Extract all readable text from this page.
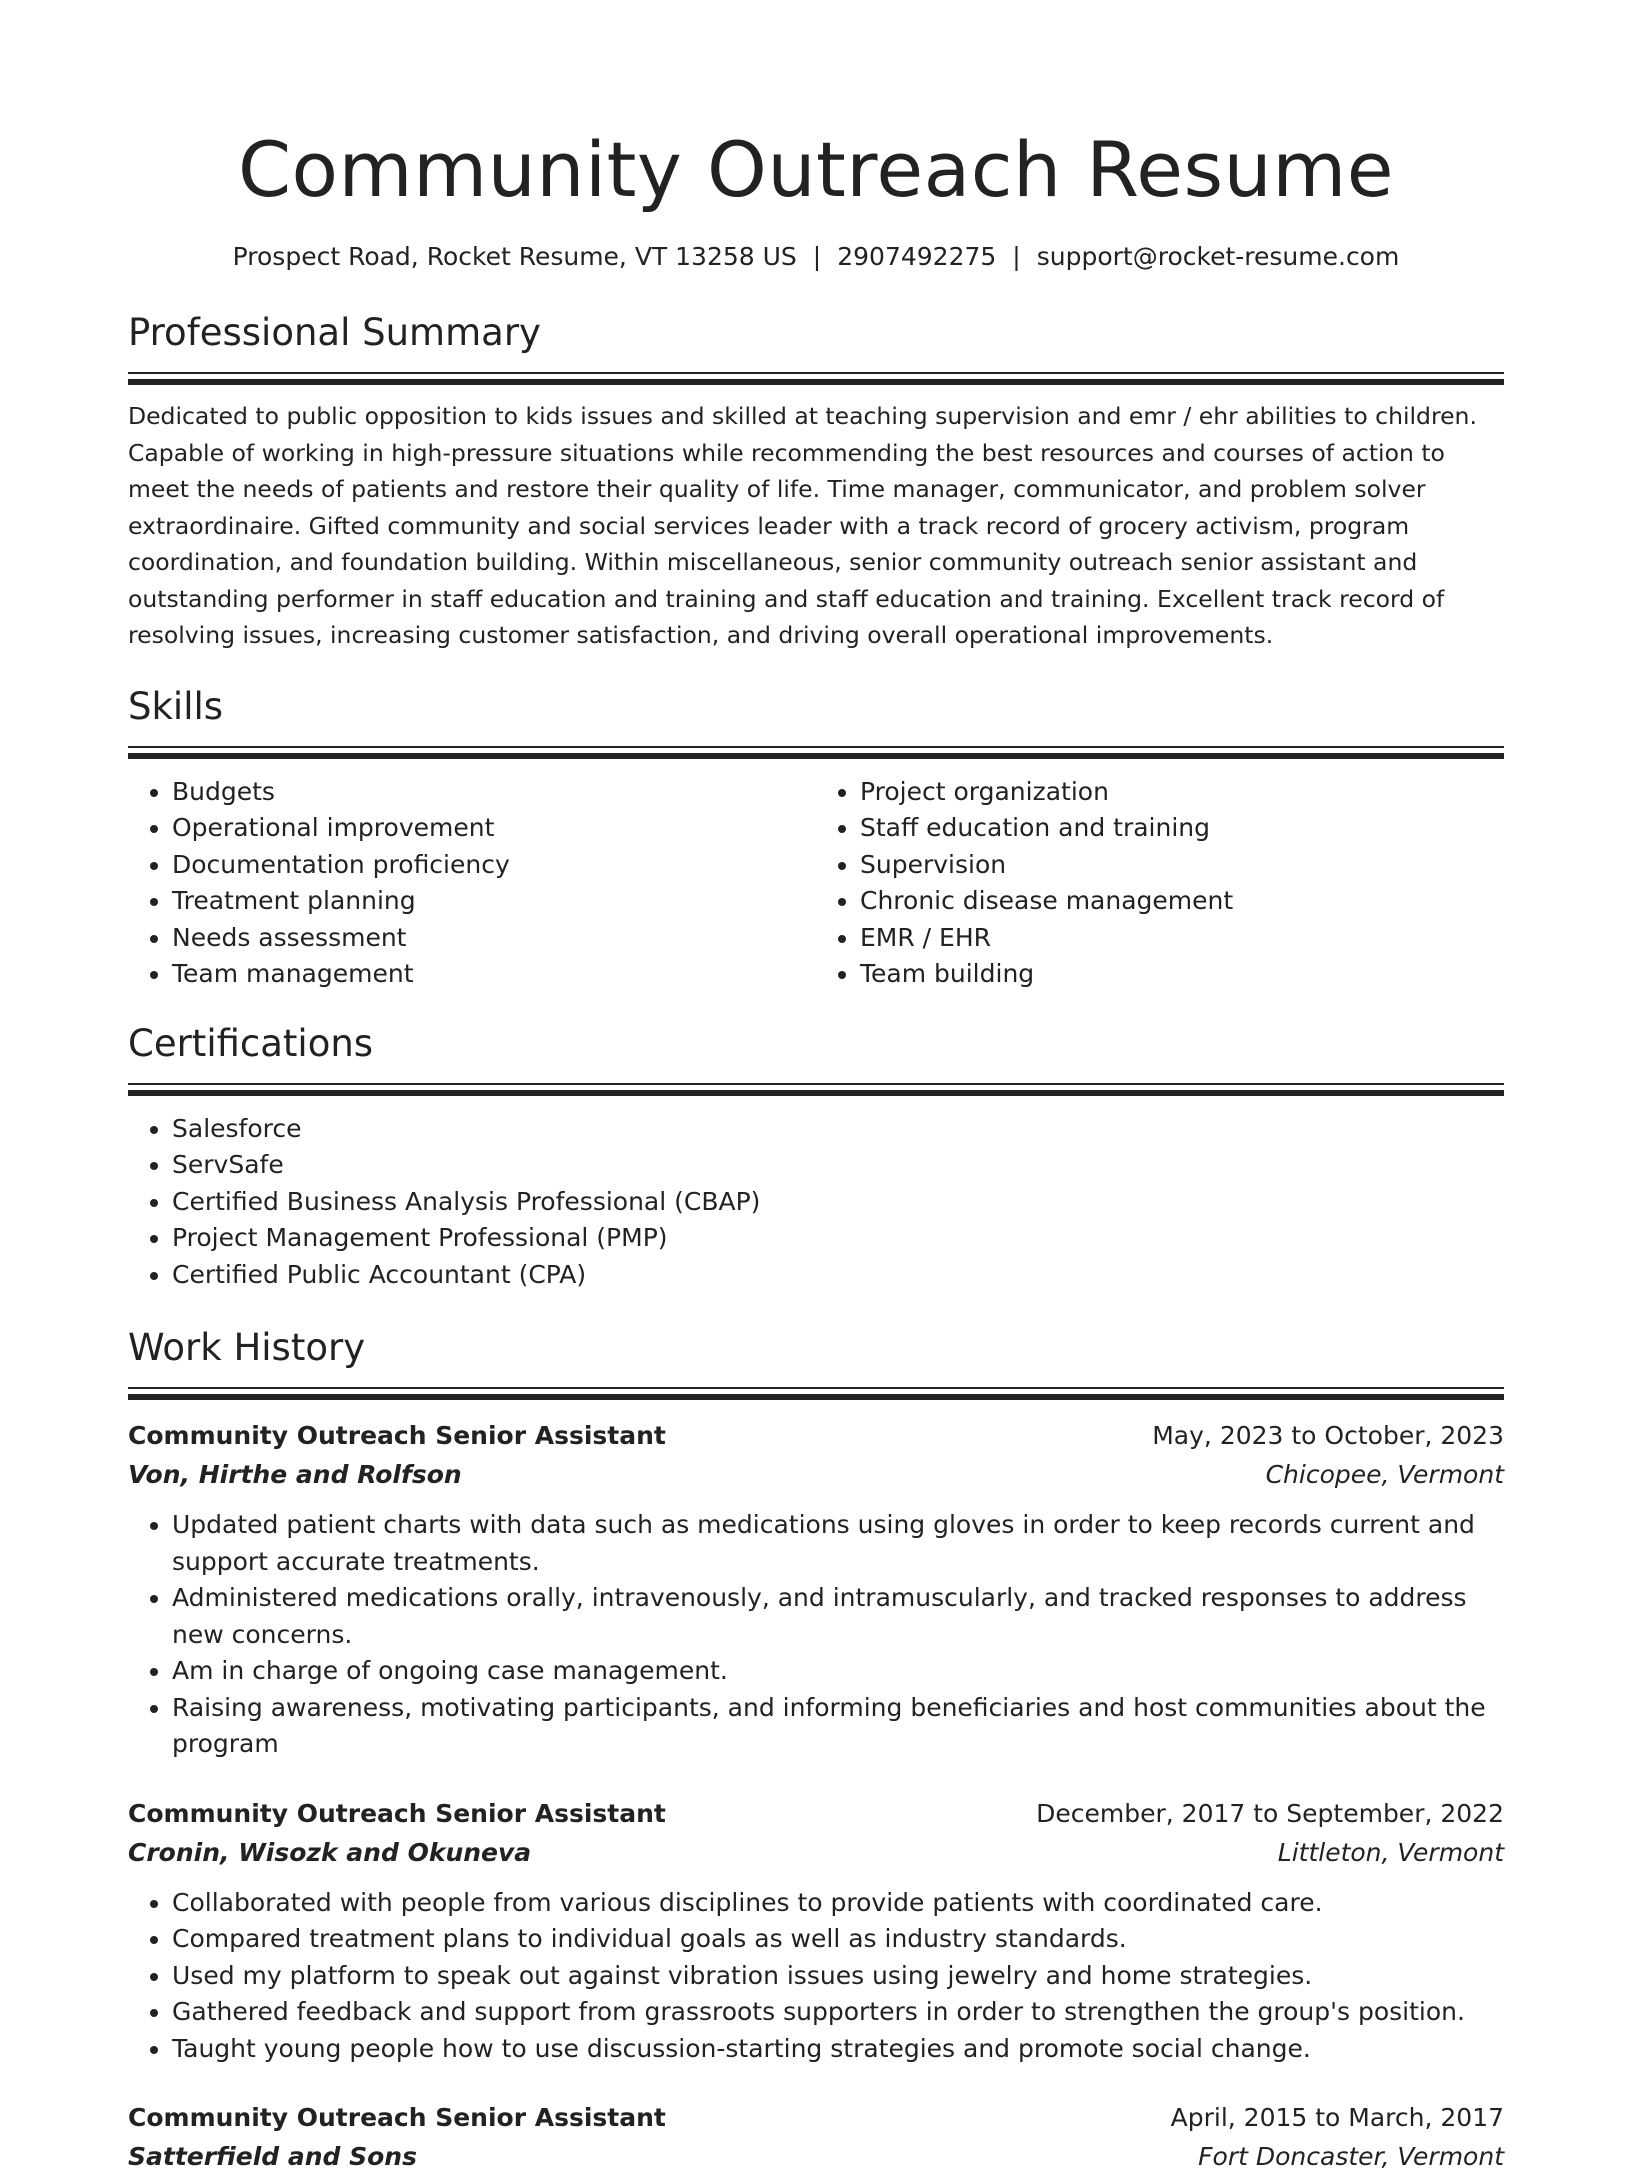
Community Outreach Resume
Prospect Road, Rocket Resume, VT 13258 US | 2907492275 | support@rocket-resume.com
Professional Summary

Dedicated to public opposition to kids issues and skilled at teaching supervision and emr / ehr abilities to children. Capable of working in high-pressure situations while recommending the best resources and courses of action to meet the needs of patients and restore their quality of life. Time manager, communicator, and problem solver extraordinaire. Gifted community and social services leader with a track record of grocery activism, program coordination, and foundation building. Within miscellaneous, senior community outreach senior assistant and outstanding performer in staff education and training and staff education and training. Excellent track record of resolving issues, increasing customer satisfaction, and driving overall operational improvements.

Skills
• Budgets
• Operational improvement
• Documentation proficiency
• Treatment planning
• Needs assessment
• Team management
• Project organization
• Staff education and training
• Supervision
• Chronic disease management
• EMR / EHR
• Team building
Certifications
• Salesforce
• ServSafe
• Certified Business Analysis Professional (CBAP)
• Project Management Professional (PMP)
• Certified Public Accountant (CPA)
Work History
Community Outreach Senior Assistant	May, 2023 to October, 2023
Von, Hirthe and Rolfson	Chicopee, Vermont
• Updated patient charts with data such as medications using gloves in order to keep records current and support accurate treatments.
• Administered medications orally, intravenously, and intramuscularly, and tracked responses to address new concerns.
• Am in charge of ongoing case management.
• Raising awareness, motivating participants, and informing beneficiaries and host communities about the program
Community Outreach Senior Assistant	December, 2017 to September, 2022
Cronin, Wisozk and Okuneva	Littleton, Vermont
• Collaborated with people from various disciplines to provide patients with coordinated care.
• Compared treatment plans to individual goals as well as industry standards.
• Used my platform to speak out against vibration issues using jewelry and home strategies.
• Gathered feedback and support from grassroots supporters in order to strengthen the group's position.
• Taught young people how to use discussion-starting strategies and promote social change.
Community Outreach Senior Assistant	April, 2015 to March, 2017
Satterfield and Sons	Fort Doncaster, Vermont
